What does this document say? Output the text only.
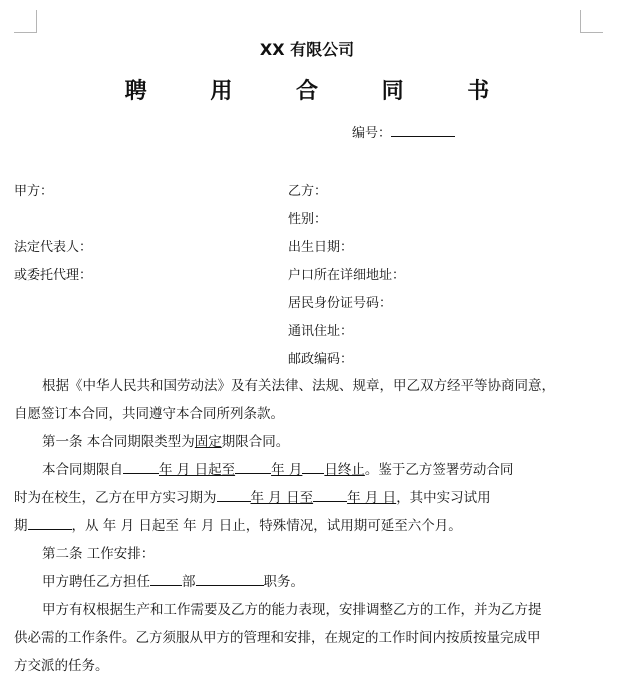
XX 有限公司
聘 用 合 同 书
编号：
甲方：
法定代表人：
或委托代理：
乙方：
性别：
出生日期：
户口所在详细地址：
居民身份证号码：
通讯住址：
邮政编码：
根据《中华人民共和国劳动法》及有关法律、法规、规章，甲乙双方经平等协商同意，
自愿签订本合同，共同遵守本合同所列条款。
第一条 本合同期限类型为固定期限合同。
本合同期限自	年 月 日起至	年 月 日终止。鉴于乙方签署劳动合同
时为在校生，乙方在甲方实习期为	年 月 日至	年 月 日，其中实习试用
期	，从 年 月 日起至 年 月 日止，特殊情况，试用期可延至六个月。
第二条 工作安排：
甲方聘任乙方担任 部	职务。
甲方有权根据生产和工作需要及乙方的能力表现，安排调整乙方的工作，并为乙方提
供必需的工作条件。乙方须服从甲方的管理和安排，在规定的工作时间内按质按量完成甲
方交派的任务。
